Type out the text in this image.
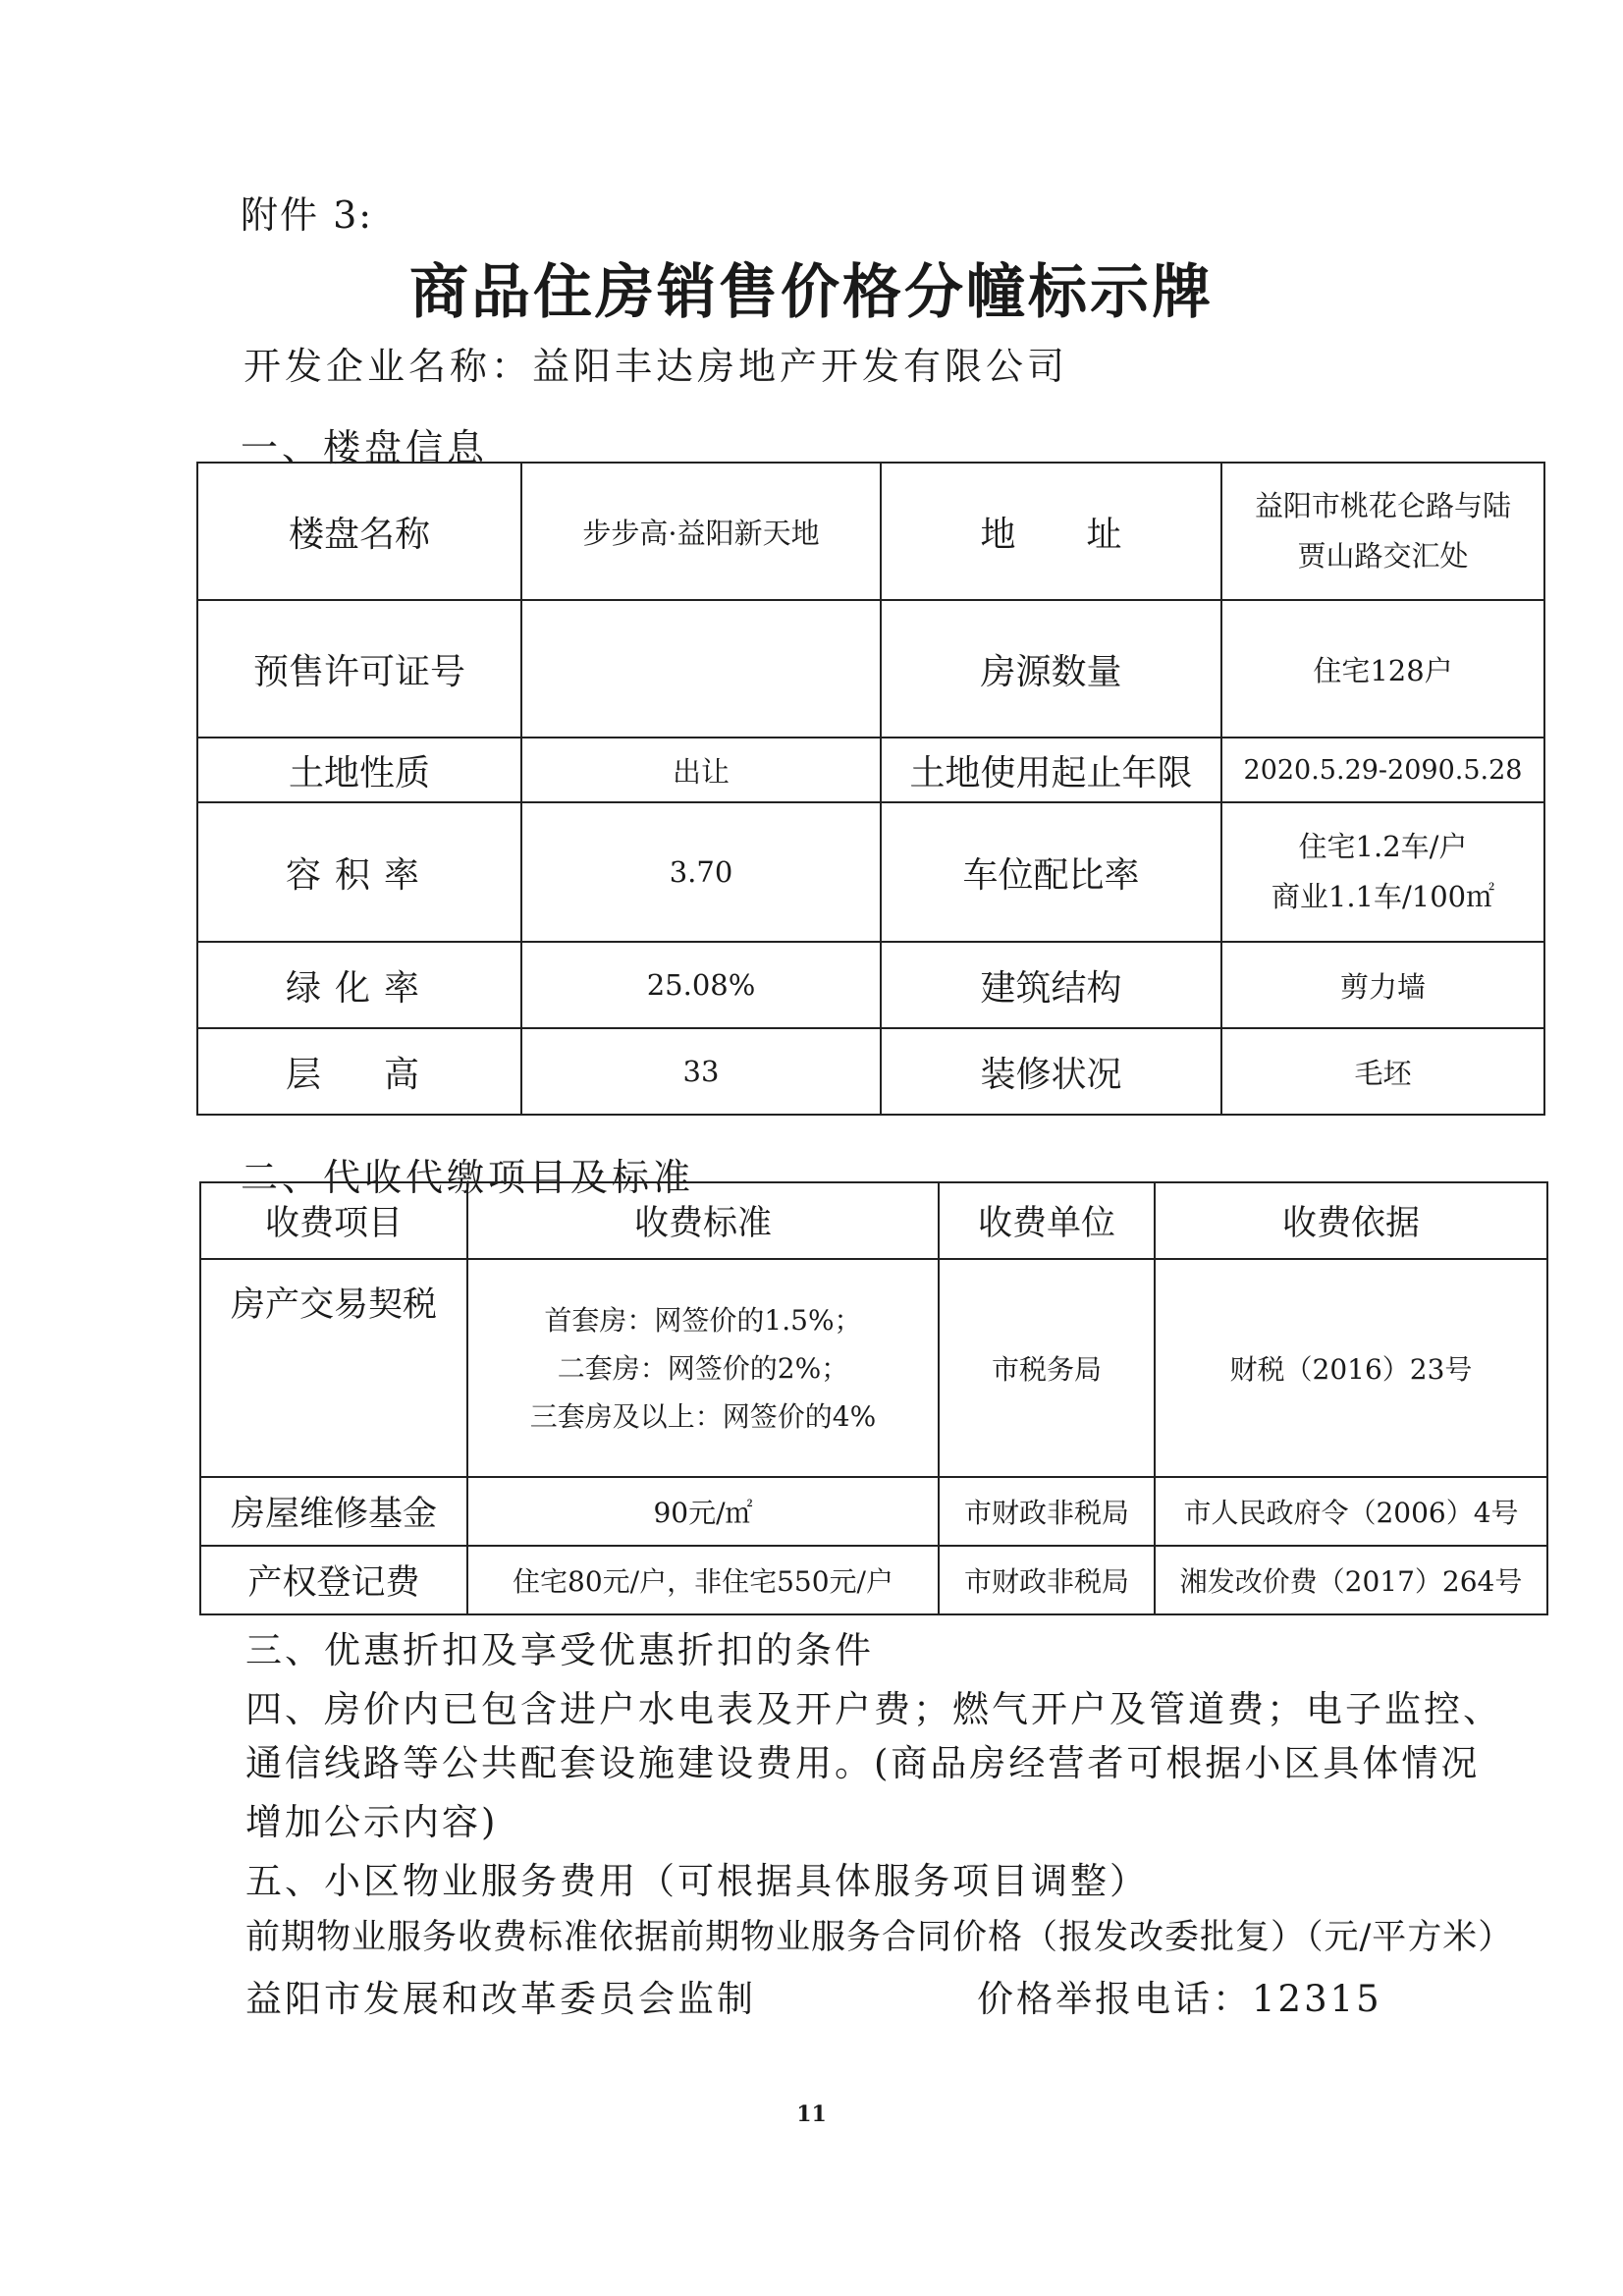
附件 3:
商品住房销售价格分幢标示牌
开发企业名称：益阳丰达房地产开发有限公司
一、楼盘信息
楼盘名称	步步高·益阳新天地	地　　址	益阳市桃花仑路与陆
贾山路交汇处

预售许可证号		房源数量	住宅128户
土地性质	出让	土地使用起止年限	2020.5.29-2090.5.28
容积率	3.70	车位配比率	住宅1.2车/户
商业1.1车/100㎡

绿化率	25.08%	建筑结构	剪力墙
层　高	33	装修状况	毛坯
二、代收代缴项目及标准
收费项目	收费标准	收费单位	收费依据
房产交易契税	首套房：网签价的1.5%；
二套房：网签价的2%；
三套房及以上：网签价的4%	市税务局	财税（2016）23号
房屋维修基金	90元/㎡	市财政非税局	市人民政府令（2006）4号
产权登记费	住宅80元/户，非住宅550元/户	市财政非税局	湘发改价费（2017）264号
三、优惠折扣及享受优惠折扣的条件
四、房价内已包含进户水电表及开户费；燃气开户及管道费；电子监控、
通信线路等公共配套设施建设费用。(商品房经营者可根据小区具体情况
增加公示内容)
五、小区物业服务费用（可根据具体服务项目调整）
前期物业服务收费标准依据前期物业服务合同价格（报发改委批复）（元/平方米）
益阳市发展和改革委员会监制	价格举报电话：12315
11
